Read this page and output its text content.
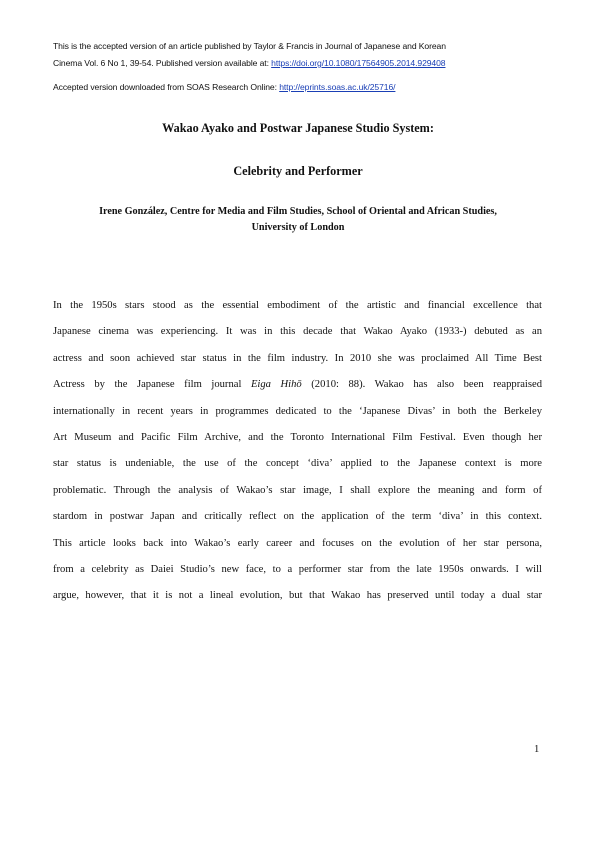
This is the accepted version of an article published by Taylor & Francis in Journal of Japanese and Korean
Cinema Vol. 6 No 1, 39-54. Published version available at: https://doi.org/10.1080/17564905.2014.929408
Accepted version downloaded from SOAS Research Online: http://eprints.soas.ac.uk/25716/
Wakao Ayako and Postwar Japanese Studio System:
Celebrity and Performer
Irene González, Centre for Media and Film Studies, School of Oriental and African Studies,
University of London
In the 1950s stars stood as the essential embodiment of the artistic and financial excellence that
Japanese cinema was experiencing. It was in this decade that Wakao Ayako (1933-) debuted as an
actress and soon achieved star status in the film industry. In 2010 she was proclaimed All Time Best
Actress by the Japanese film journal Eiga Hihō (2010: 88). Wakao has also been reappraised
internationally in recent years in programmes dedicated to the ‘Japanese Divas’ in both the Berkeley
Art Museum and Pacific Film Archive, and the Toronto International Film Festival. Even though her
star status is undeniable, the use of the concept ‘diva’ applied to the Japanese context is more
problematic. Through the analysis of Wakao’s star image, I shall explore the meaning and form of
stardom in postwar Japan and critically reflect on the application of the term ‘diva’ in this context.
This article looks back into Wakao’s early career and focuses on the evolution of her star persona,
from a celebrity as Daiei Studio’s new face, to a performer star from the late 1950s onwards. I will
argue, however, that it is not a lineal evolution, but that Wakao has preserved until today a dual star
1
